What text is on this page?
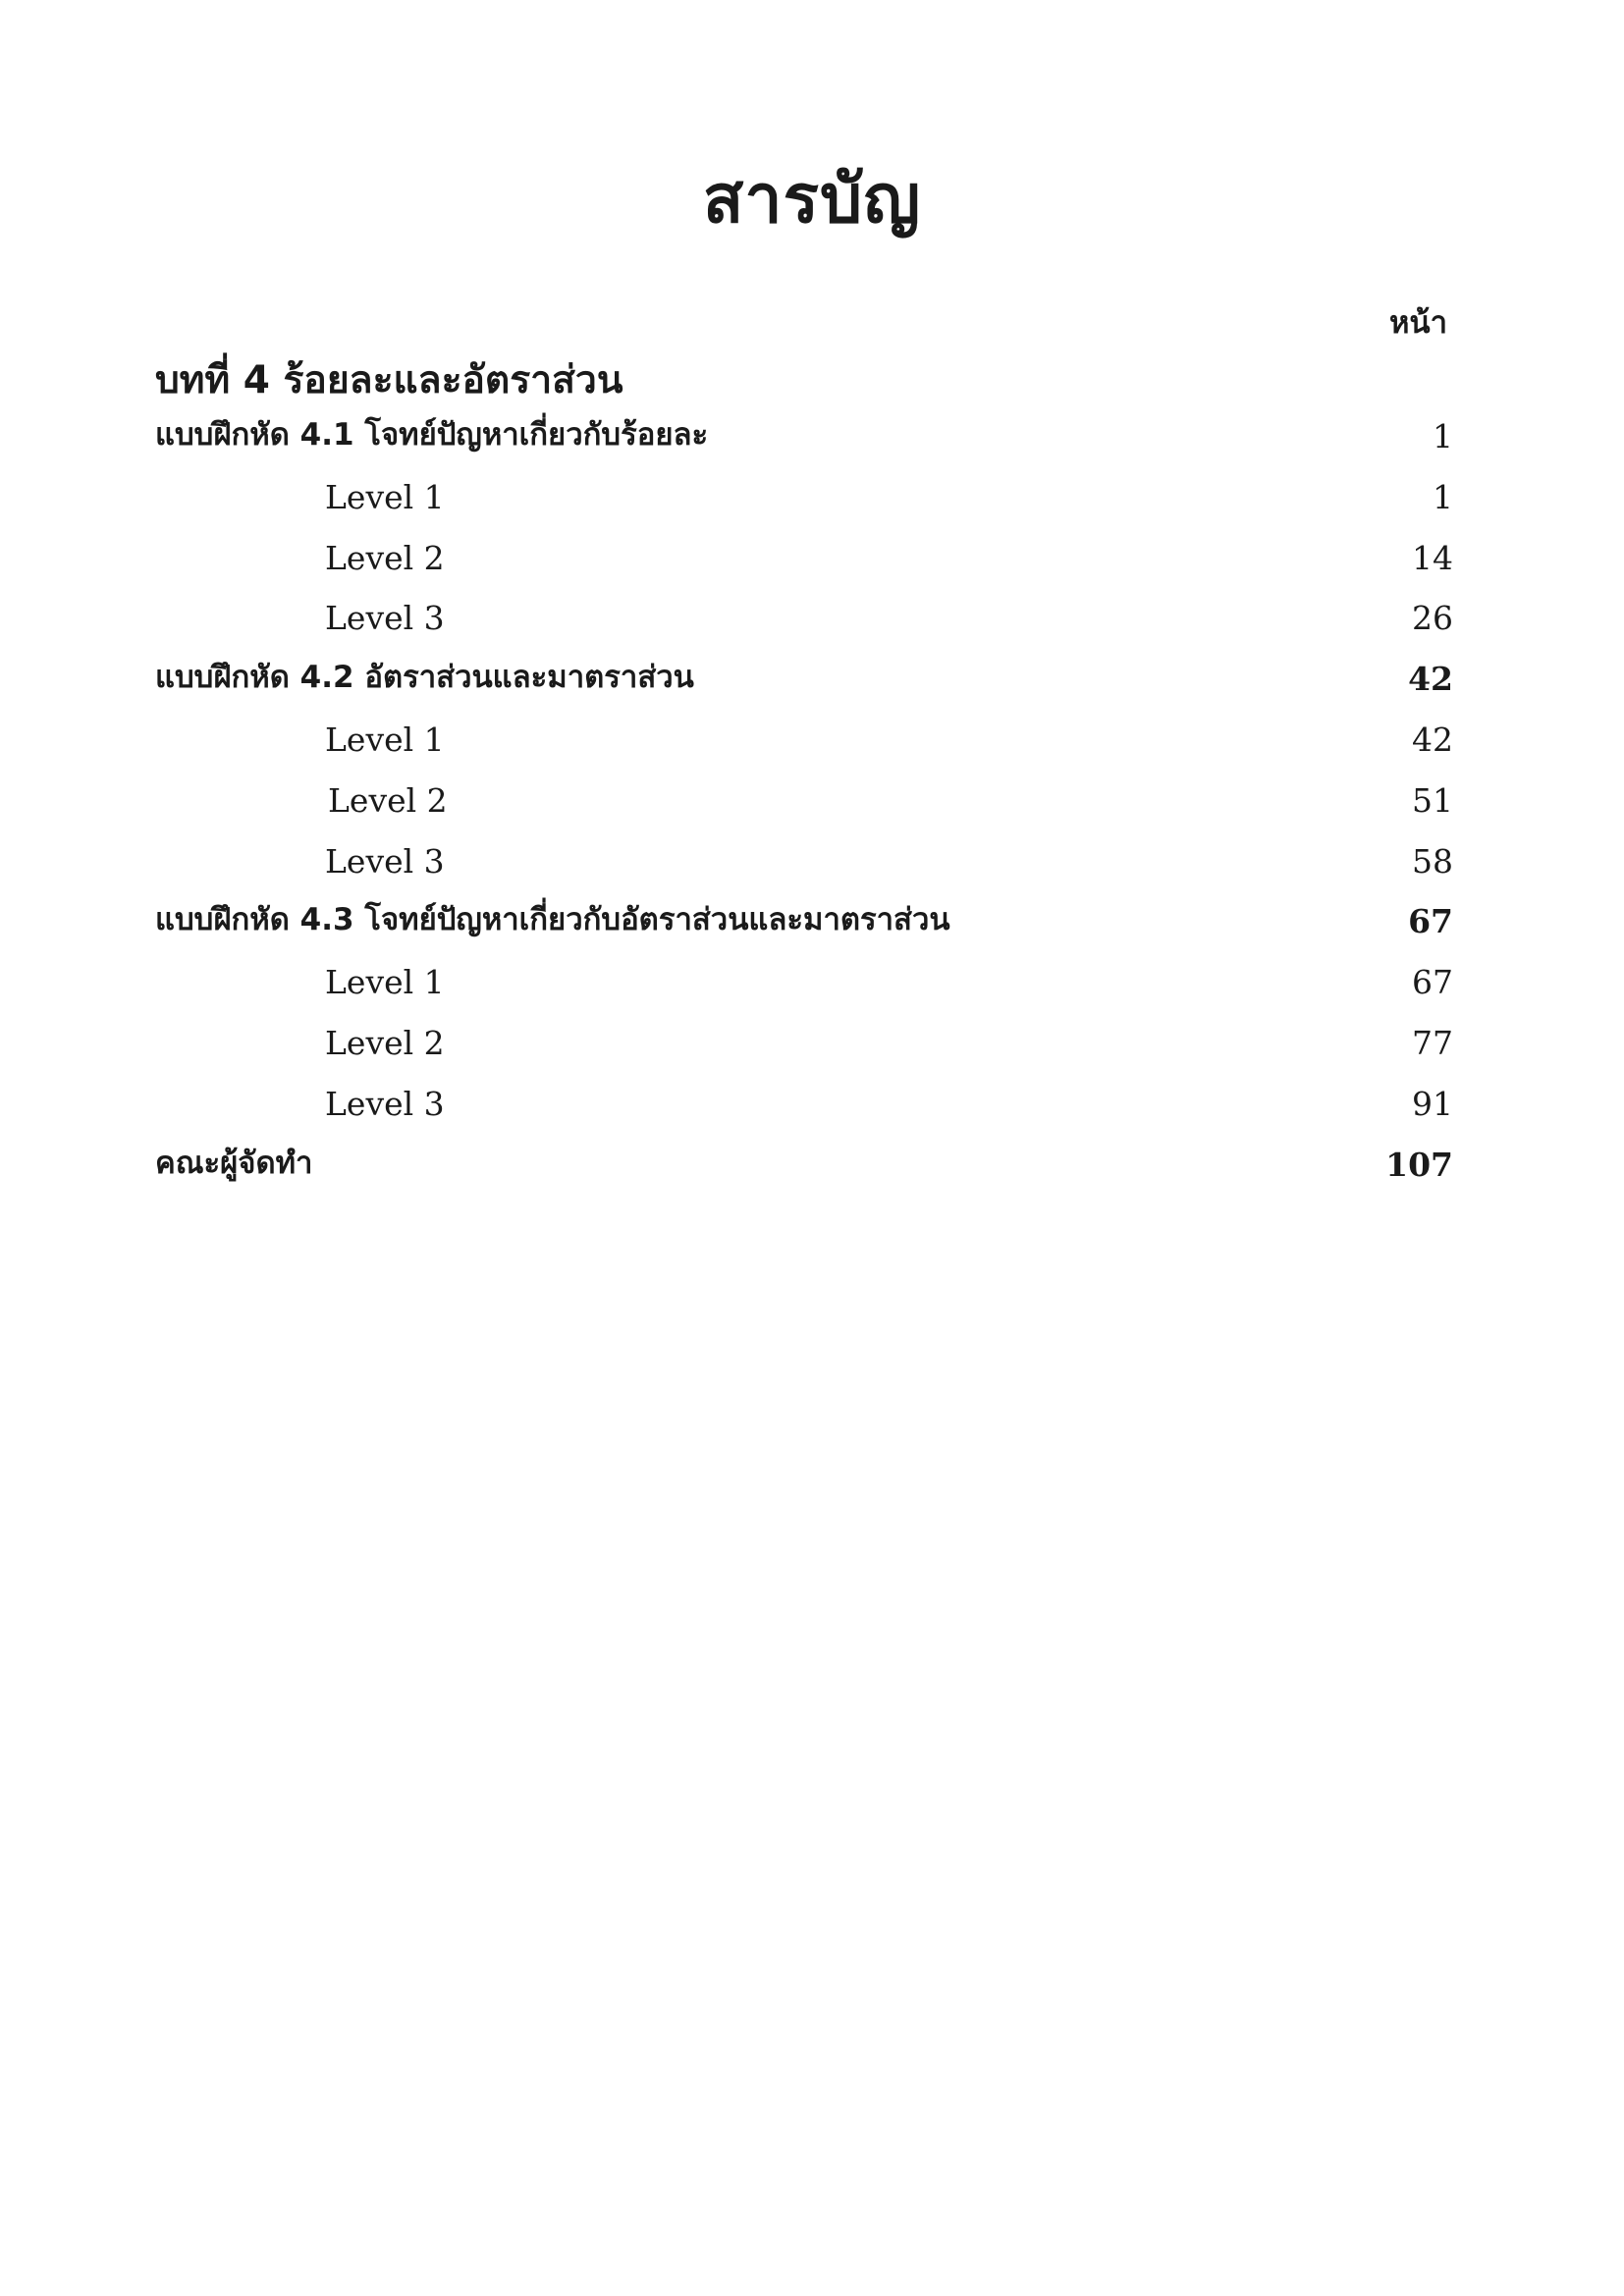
สารบัญ
หน้า
บทที่ 4 ร้อยละและอัตราส่วน
แบบฝึกหัด 4.1 โจทย์ปัญหาเกี่ยวกับร้อยละ	1
Level 1	1
Level 2	14
Level 3	26
แบบฝึกหัด 4.2 อัตราส่วนและมาตราส่วน	42
Level 1	42
Level 2	51
Level 3	58
แบบฝึกหัด 4.3 โจทย์ปัญหาเกี่ยวกับอัตราส่วนและมาตราส่วน	67
Level 1	67
Level 2	77
Level 3	91
คณะผู้จัดทำ	107
